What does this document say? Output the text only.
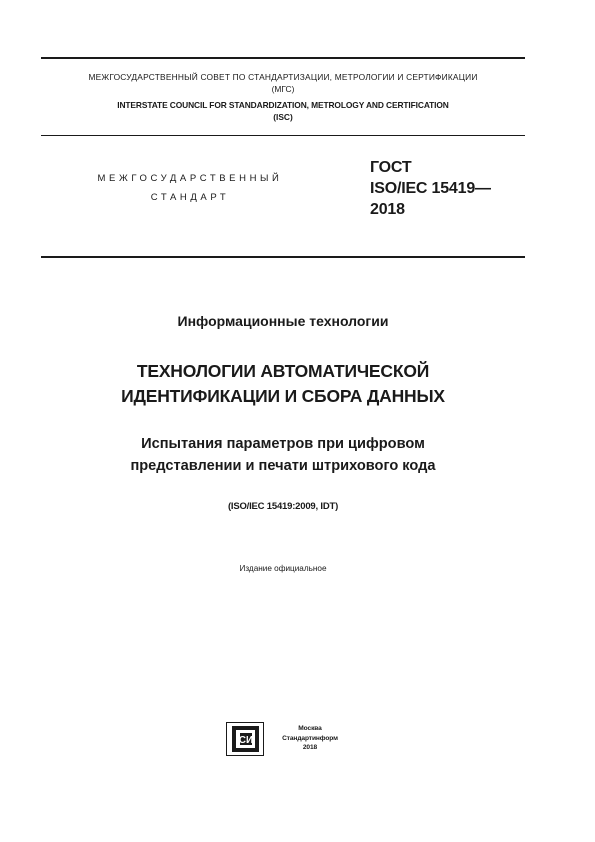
МЕЖГОСУДАРСТВЕННЫЙ СОВЕТ ПО СТАНДАРТИЗАЦИИ, МЕТРОЛОГИИ И СЕРТИФИКАЦИИ
(МГС)
INTERSTATE COUNCIL FOR STANDARDIZATION, METROLOGY AND CERTIFICATION
(ISC)
МЕЖГОСУДАРСТВЕННЫЙ
СТАНДАРТ
ГОСТ
ISO/IEC 15419—
2018
Информационные технологии
ТЕХНОЛОГИИ АВТОМАТИЧЕСКОЙ
ИДЕНТИФИКАЦИИ И СБОРА ДАННЫХ
Испытания параметров при цифровом
представлении и печати штрихового кода
(ISO/IEC 15419:2009, IDT)
Издание официальное
СИ
Москва
Стандартинформ
2018
